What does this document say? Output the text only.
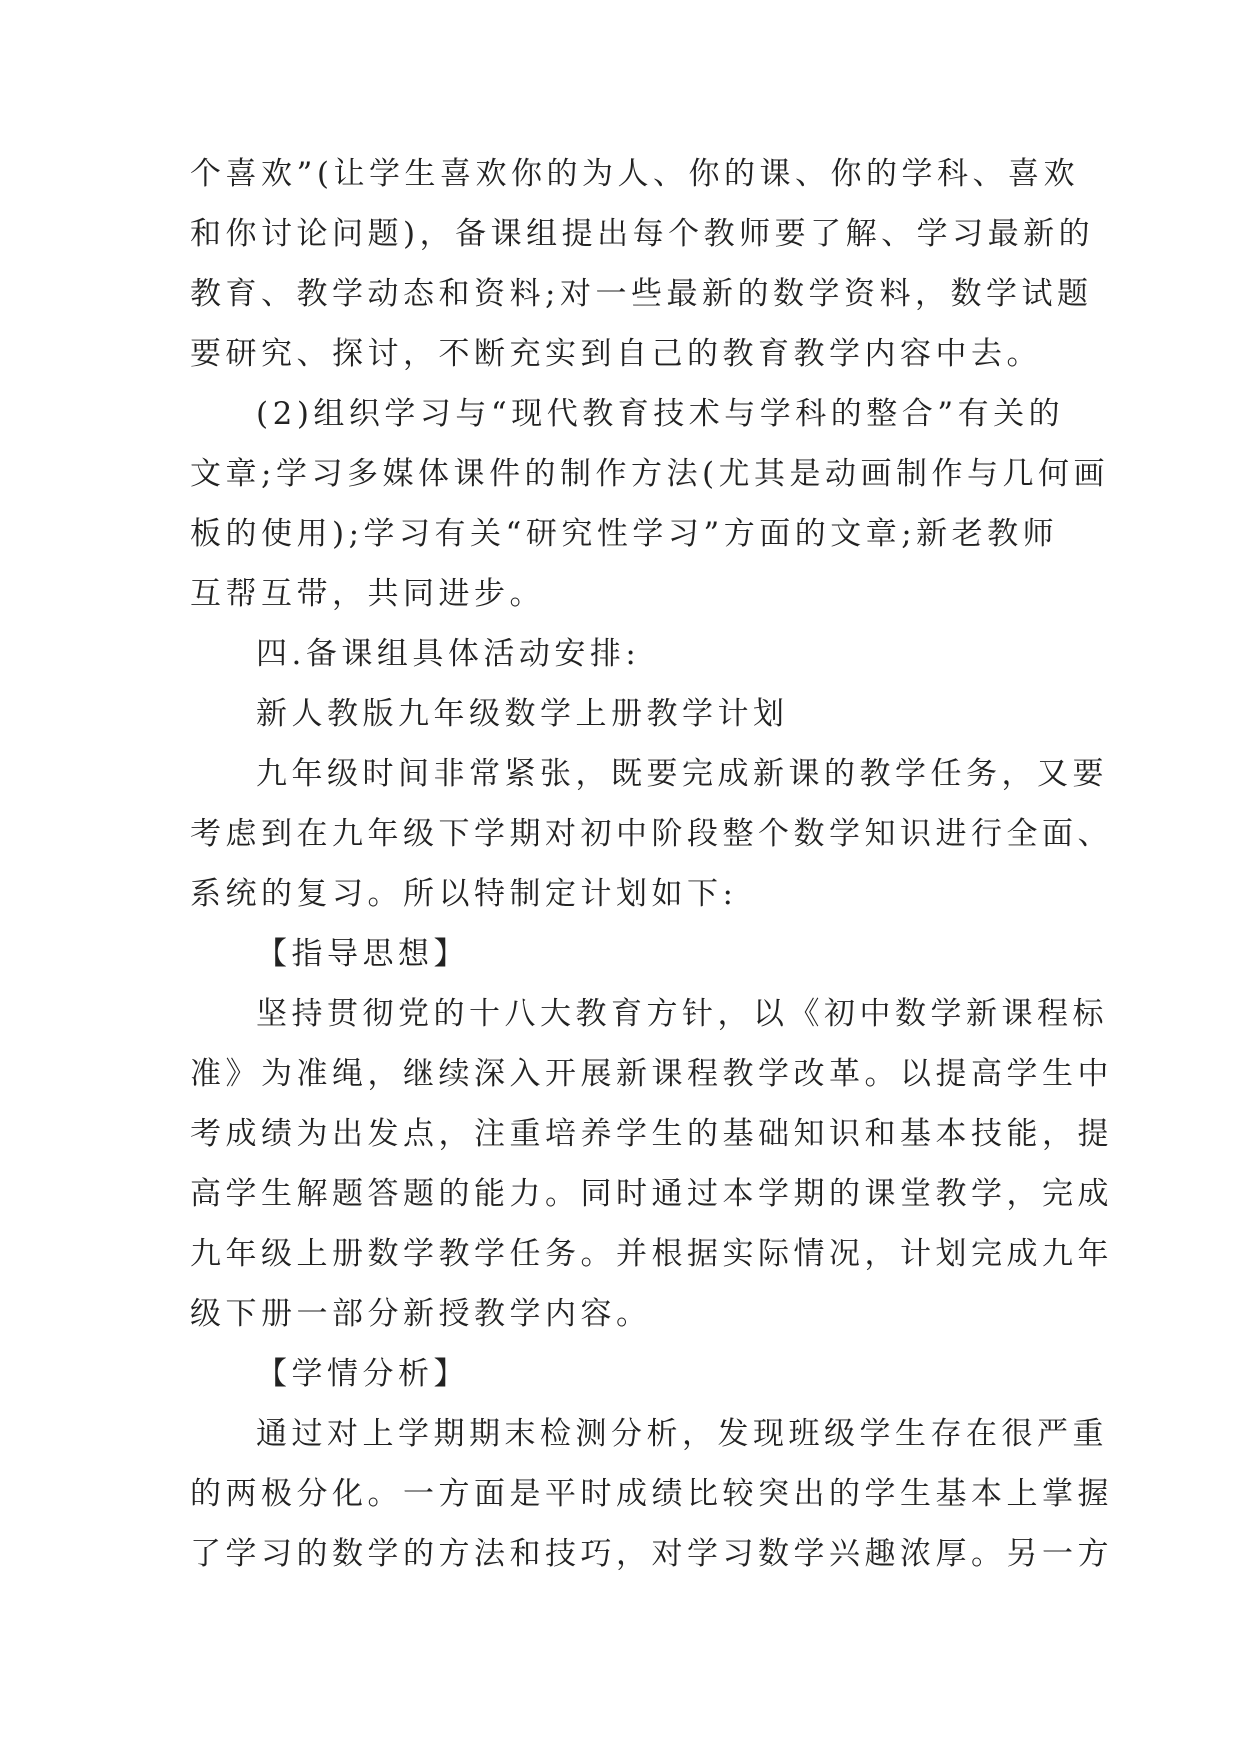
个喜欢”(让学生喜欢你的为人、你的课、你的学科、喜欢
和你讨论问题)，备课组提出每个教师要了解、学习最新的
教育、教学动态和资料;对一些最新的数学资料，数学试题
要研究、探讨，不断充实到自己的教育教学内容中去。
(2)组织学习与“现代教育技术与学科的整合”有关的
文章;学习多媒体课件的制作方法(尤其是动画制作与几何画
板的使用);学习有关“研究性学习”方面的文章;新老教师
互帮互带，共同进步。
四.备课组具体活动安排:
新人教版九年级数学上册教学计划
九年级时间非常紧张，既要完成新课的教学任务，又要
考虑到在九年级下学期对初中阶段整个数学知识进行全面、
系统的复习。所以特制定计划如下:
【指导思想】
坚持贯彻党的十八大教育方针，以《初中数学新课程标
准》为准绳，继续深入开展新课程教学改革。以提高学生中
考成绩为出发点，注重培养学生的基础知识和基本技能，提
高学生解题答题的能力。同时通过本学期的课堂教学，完成
九年级上册数学教学任务。并根据实际情况，计划完成九年
级下册一部分新授教学内容。
【学情分析】
通过对上学期期末检测分析，发现班级学生存在很严重
的两极分化。一方面是平时成绩比较突出的学生基本上掌握
了学习的数学的方法和技巧，对学习数学兴趣浓厚。另一方
